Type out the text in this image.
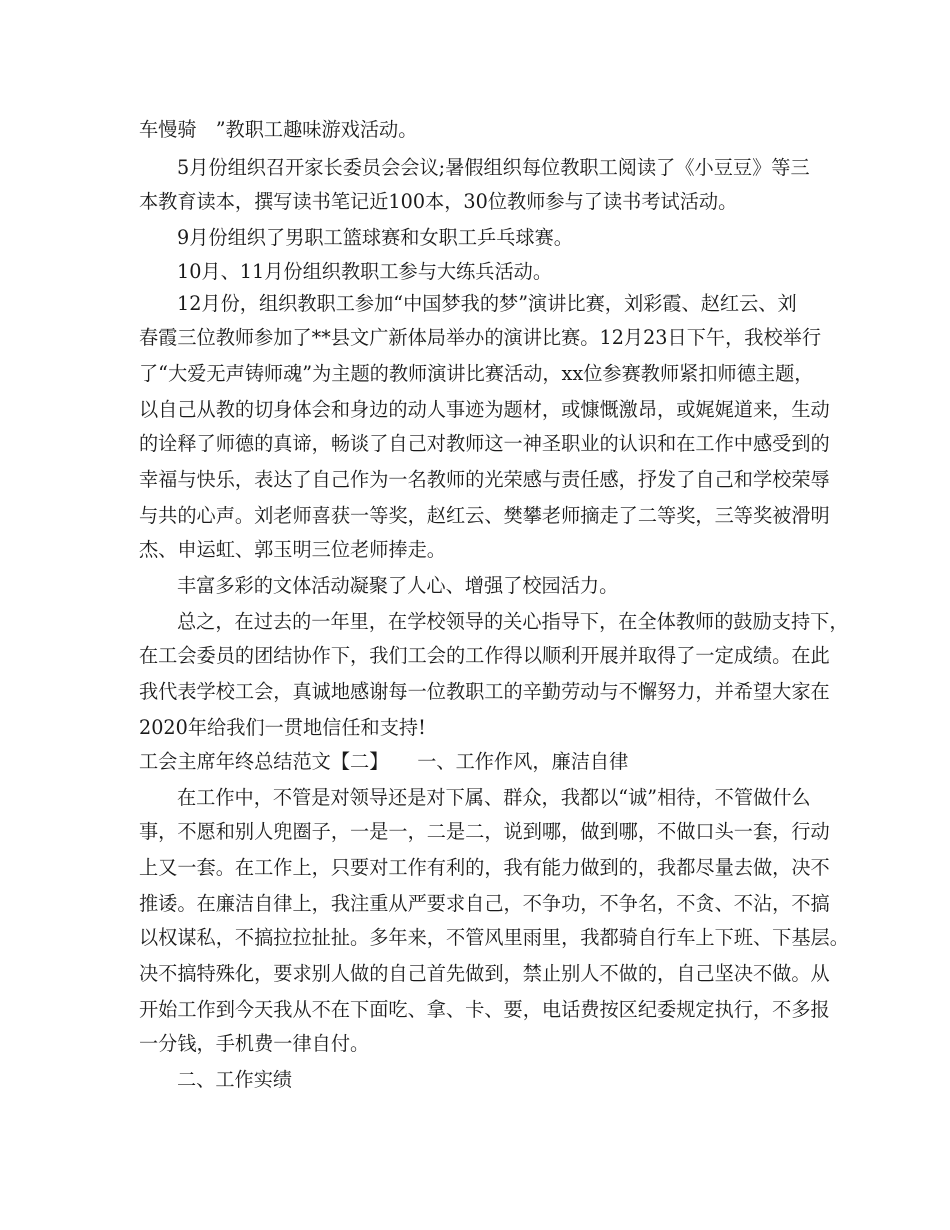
车慢骑　”教职工趣味游戏活动。
5月份组织召开家长委员会会议;暑假组织每位教职工阅读了《小豆豆》等三
本教育读本，撰写读书笔记近100本，30位教师参与了读书考试活动。
9月份组织了男职工篮球赛和女职工乒乓球赛。
10月、11月份组织教职工参与大练兵活动。
12月份，组织教职工参加“中国梦我的梦”演讲比赛，刘彩霞、赵红云、刘
春霞三位教师参加了**县文广新体局举办的演讲比赛。12月23日下午，我校举行
了“大爱无声铸师魂”为主题的教师演讲比赛活动，xx位参赛教师紧扣师德主题，
以自己从教的切身体会和身边的动人事迹为题材，或慷慨激昂，或娓娓道来，生动
的诠释了师德的真谛，畅谈了自己对教师这一神圣职业的认识和在工作中感受到的
幸福与快乐，表达了自己作为一名教师的光荣感与责任感，抒发了自己和学校荣辱
与共的心声。刘老师喜获一等奖，赵红云、樊攀老师摘走了二等奖，三等奖被滑明
杰、申运虹、郭玉明三位老师捧走。
丰富多彩的文体活动凝聚了人心、增强了校园活力。
总之，在过去的一年里，在学校领导的关心指导下，在全体教师的鼓励支持下，
在工会委员的团结协作下，我们工会的工作得以顺利开展并取得了一定成绩。在此
我代表学校工会，真诚地感谢每一位教职工的辛勤劳动与不懈努力，并希望大家在
2020年给我们一贯地信任和支持!
工会主席年终总结范文【二】　　一、工作作风，廉洁自律
在工作中，不管是对领导还是对下属、群众，我都以“诚”相待，不管做什么
事，不愿和别人兜圈子，一是一，二是二，说到哪，做到哪，不做口头一套，行动
上又一套。在工作上，只要对工作有利的，我有能力做到的，我都尽量去做，决不
推诿。在廉洁自律上，我注重从严要求自己，不争功，不争名，不贪、不沾，不搞
以权谋私，不搞拉拉扯扯。多年来，不管风里雨里，我都骑自行车上下班、下基层。
决不搞特殊化，要求别人做的自己首先做到，禁止别人不做的，自己坚决不做。从
开始工作到今天我从不在下面吃、拿、卡、要，电话费按区纪委规定执行，不多报
一分钱，手机费一律自付。
二、工作实绩
